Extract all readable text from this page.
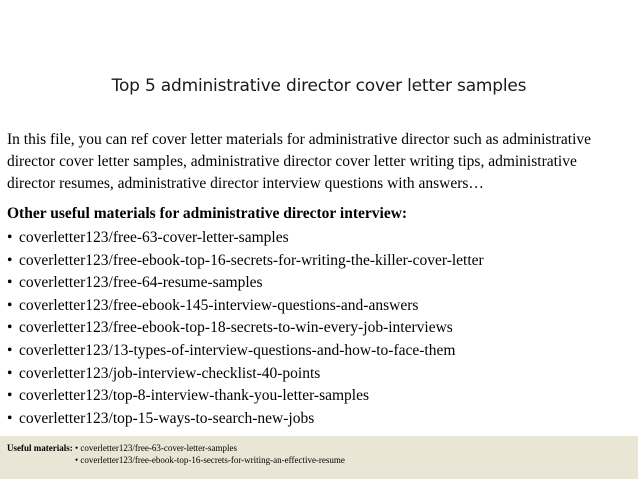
Top 5 administrative director cover letter samples
In this file, you can ref cover letter materials for administrative director such as administrative
director cover letter samples, administrative director cover letter writing tips, administrative
director resumes, administrative director interview questions with answers…
Other useful materials for administrative director interview:
• coverletter123/free-63-cover-letter-samples
• coverletter123/free-ebook-top-16-secrets-for-writing-the-killer-cover-letter
• coverletter123/free-64-resume-samples
• coverletter123/free-ebook-145-interview-questions-and-answers
• coverletter123/free-ebook-top-18-secrets-to-win-every-job-interviews
• coverletter123/13-types-of-interview-questions-and-how-to-face-them
• coverletter123/job-interview-checklist-40-points
• coverletter123/top-8-interview-thank-you-letter-samples
• coverletter123/top-15-ways-to-search-new-jobs
Useful materials: • coverletter123/free-63-cover-letter-samples
• coverletter123/free-ebook-top-16-secrets-for-writing-an-effective-resume
